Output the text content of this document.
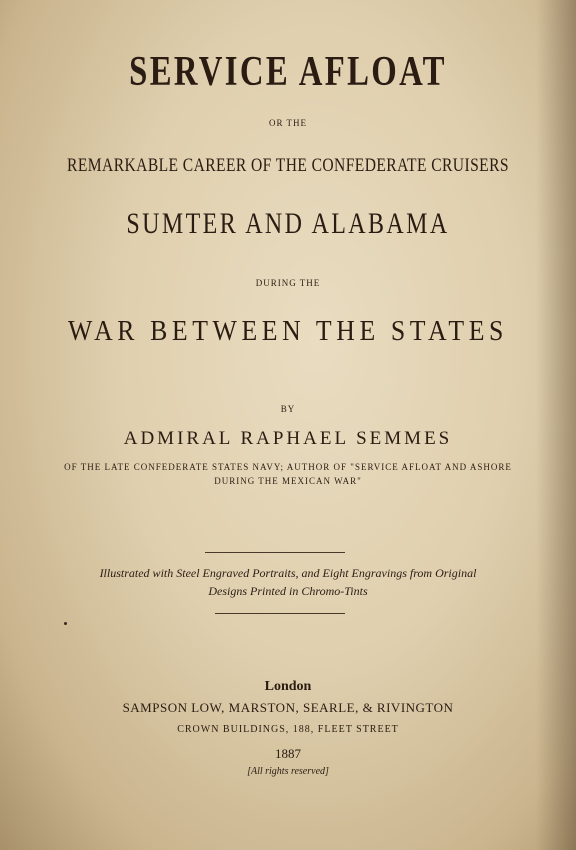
SERVICE AFLOAT
OR THE
REMARKABLE CAREER OF THE CONFEDERATE CRUISERS
SUMTER AND ALABAMA
DURING THE
WAR BETWEEN THE STATES
BY
ADMIRAL RAPHAEL SEMMES
OF THE LATE CONFEDERATE STATES NAVY; AUTHOR OF "SERVICE AFLOAT AND ASHORE
DURING THE MEXICAN WAR"
Illustrated with Steel Engraved Portraits, and Eight Engravings from Original
Designs Printed in Chromo-Tints
London
SAMPSON LOW, MARSTON, SEARLE, & RIVINGTON
CROWN BUILDINGS, 188, FLEET STREET
1887
[All rights reserved]
